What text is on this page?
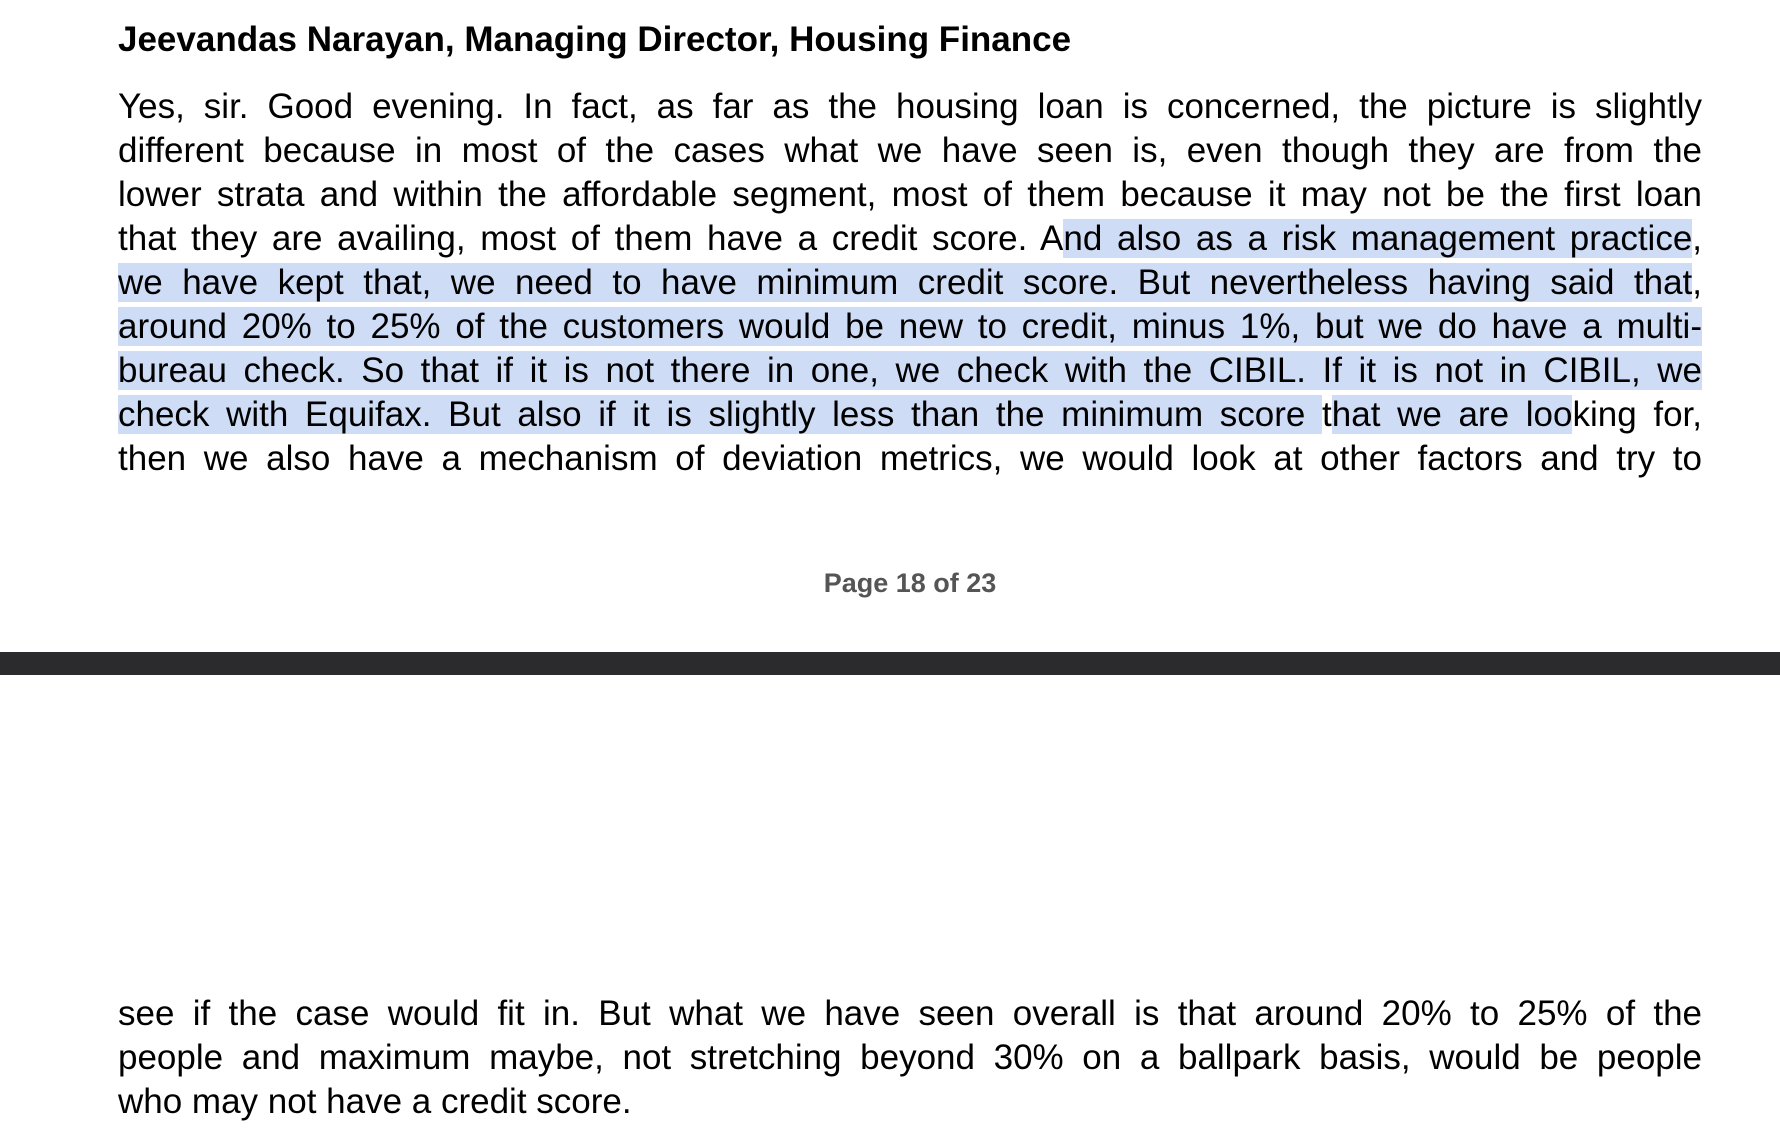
Jeevandas Narayan, Managing Director, Housing Finance
Yes, sir. Good evening. In fact, as far as the housing loan is concerned, the picture is slightly
different because in most of the cases what we have seen is, even though they are from the
lower strata and within the affordable segment, most of them because it may not be the first loan
that they are availing, most of them have a credit score. And also as a risk management practice,
we have kept that, we need to have minimum credit score. But nevertheless having said that,
around 20% to 25% of the customers would be new to credit, minus 1%, but we do have a multi-
bureau check. So that if it is not there in one, we check with the CIBIL. If it is not in CIBIL, we
check with Equifax. But also if it is slightly less than the minimum score that we are looking for,
then we also have a mechanism of deviation metrics, we would look at other factors and try to
Page 18 of 23
see if the case would fit in. But what we have seen overall is that around 20% to 25% of the
people and maximum maybe, not stretching beyond 30% on a ballpark basis, would be people
who may not have a credit score.
